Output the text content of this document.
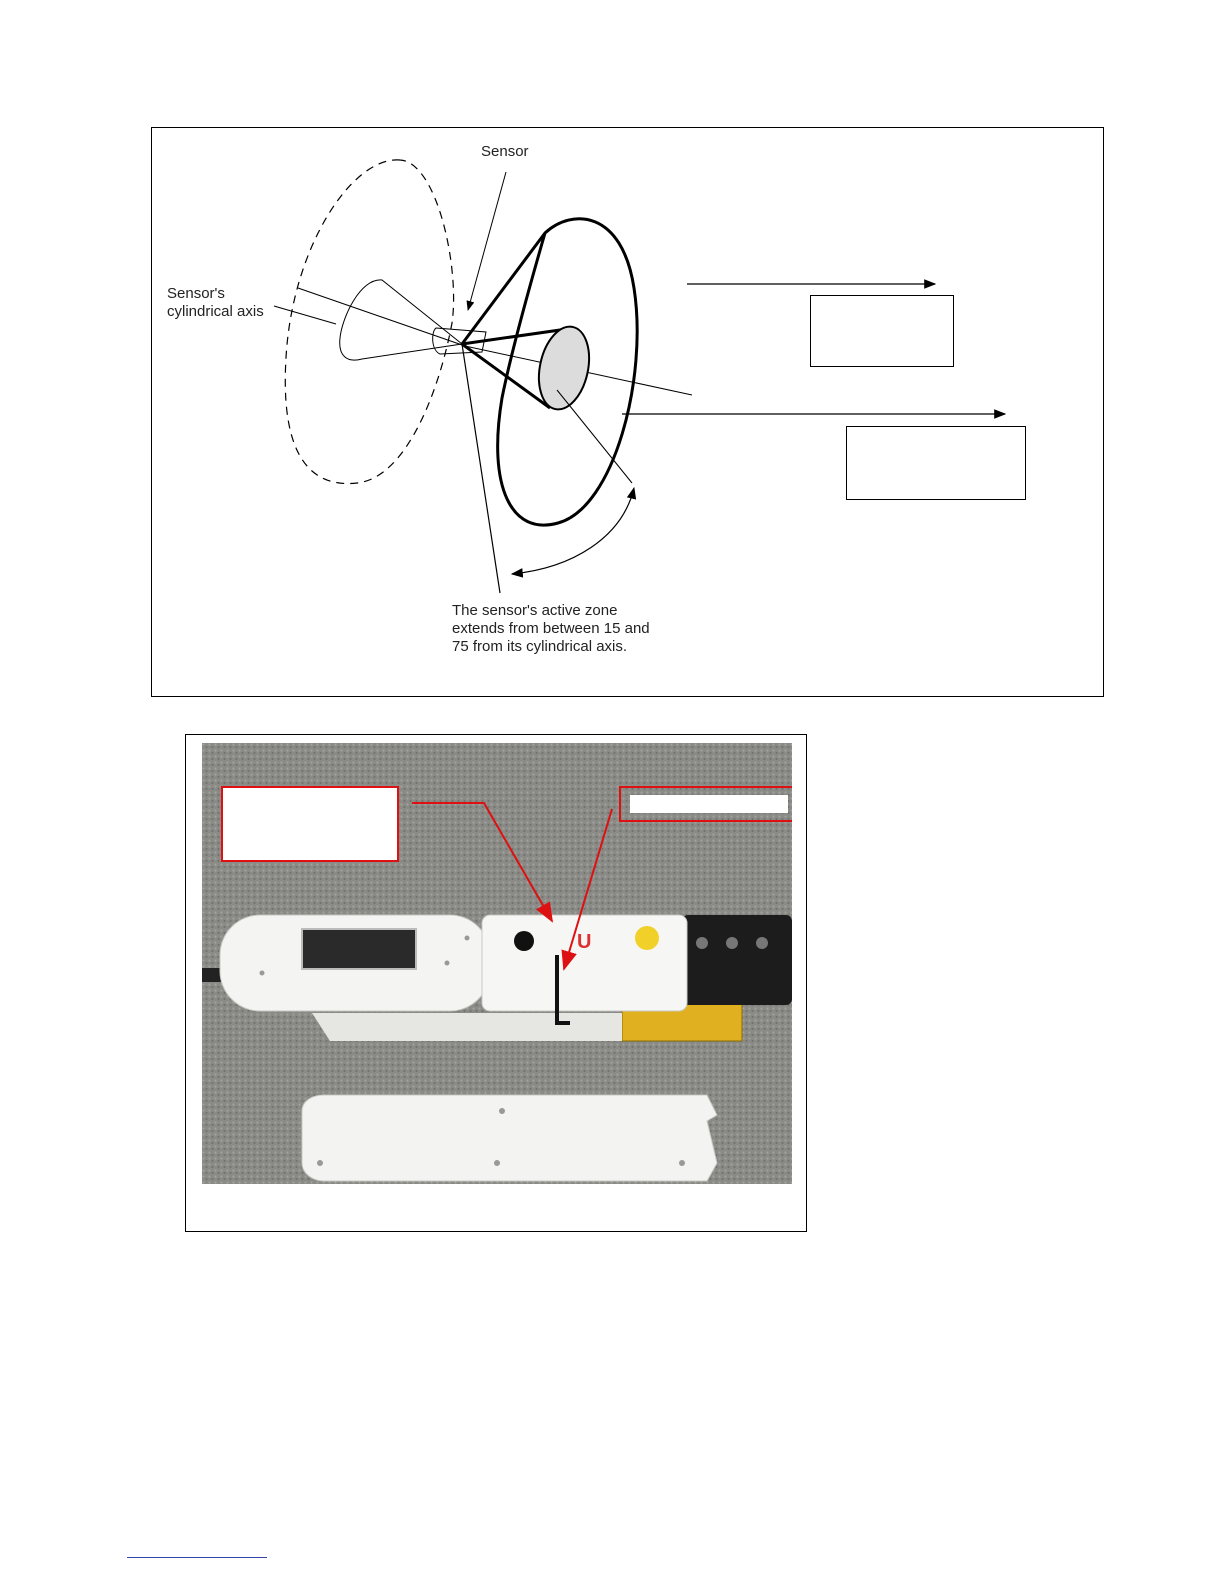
Sensor
Sensor's
cylindrical axis
The sensor's active zone
extends from between 15 and
75 from its cylindrical axis.
U
